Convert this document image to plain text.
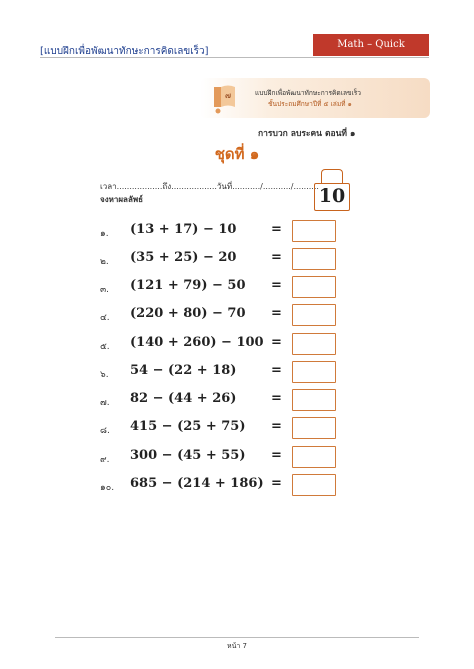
[แบบฝึกเพื่อพัฒนาทักษะการคิดเลขเร็ว]
Math – Quick Calculator
๗	แบบฝึกเพื่อพัฒนาทักษะการคิดเลขเร็ว
ชั้นประถมศึกษาปีที่ ๕ เล่มที่ ๑
การบวก ลบระคน ตอนที่ ๑
ชุดที่ ๑
เวลา..................ถึง..................วันที่.........../.........../..........
จงหาผลลัพธ์	10
๑. (13 + 17) − 10	=
๒. (35 + 25) − 20	=
๓. (121 + 79) − 50 =
๔. (220 + 80) − 70 =
๕. (140 + 260) − 100 =
๖. 54 − (22 + 18)	=
๗. 82 − (44 + 26)	=
๘. 415 − (25 + 75) =
๙. 300 − (45 + 55) =
๑๐. 685 − (214 + 186) =
หน้า 7
